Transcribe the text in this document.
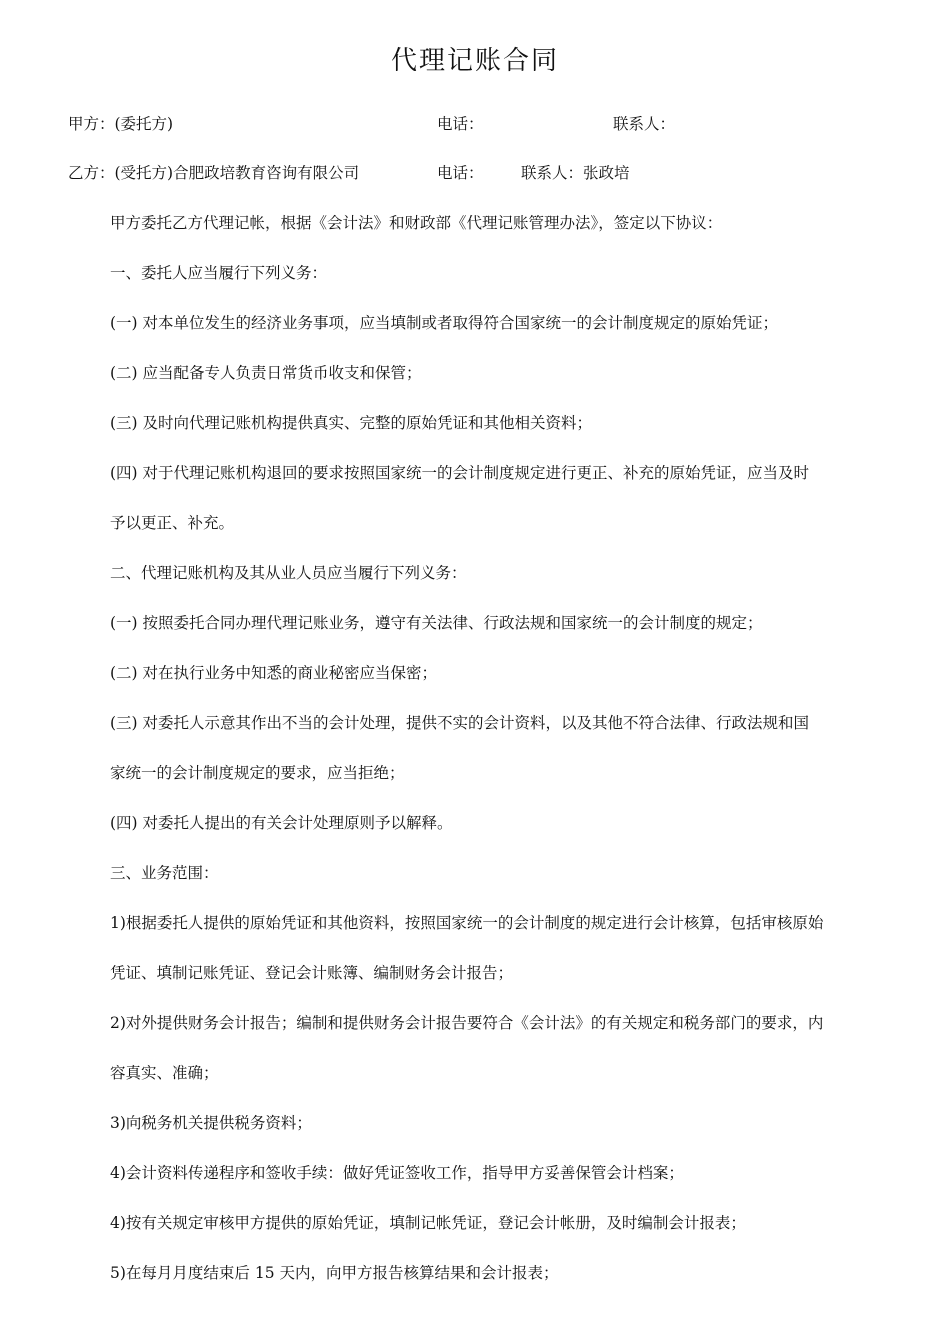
代理记账合同
甲方：(委托方)	电话：	联系人：
乙方：(受托方)合肥政培教育咨询有限公司	电话： 联系人：张政培
甲方委托乙方代理记帐，根据《会计法》和财政部《代理记账管理办法》，签定以下协议：
一、委托人应当履行下列义务：
(一) 对本单位发生的经济业务事项，应当填制或者取得符合国家统一的会计制度规定的原始凭证；
(二) 应当配备专人负责日常货币收支和保管；
(三) 及时向代理记账机构提供真实、完整的原始凭证和其他相关资料；
(四) 对于代理记账机构退回的要求按照国家统一的会计制度规定进行更正、补充的原始凭证，应当及时
予以更正、补充。
二、代理记账机构及其从业人员应当履行下列义务：
(一) 按照委托合同办理代理记账业务，遵守有关法律、行政法规和国家统一的会计制度的规定；
(二) 对在执行业务中知悉的商业秘密应当保密；
(三) 对委托人示意其作出不当的会计处理，提供不实的会计资料，以及其他不符合法律、行政法规和国
家统一的会计制度规定的要求，应当拒绝；
(四) 对委托人提出的有关会计处理原则予以解释。
三、业务范围：
1)根据委托人提供的原始凭证和其他资料，按照国家统一的会计制度的规定进行会计核算，包括审核原始
凭证、填制记账凭证、登记会计账簿、编制财务会计报告；
2)对外提供财务会计报告；编制和提供财务会计报告要符合《会计法》的有关规定和税务部门的要求，内
容真实、准确；
3)向税务机关提供税务资料；
4)会计资料传递程序和签收手续：做好凭证签收工作，指导甲方妥善保管会计档案；
4)按有关规定审核甲方提供的原始凭证，填制记帐凭证，登记会计帐册，及时编制会计报表；
5)在每月月度结束后 15 天内，向甲方报告核算结果和会计报表；
